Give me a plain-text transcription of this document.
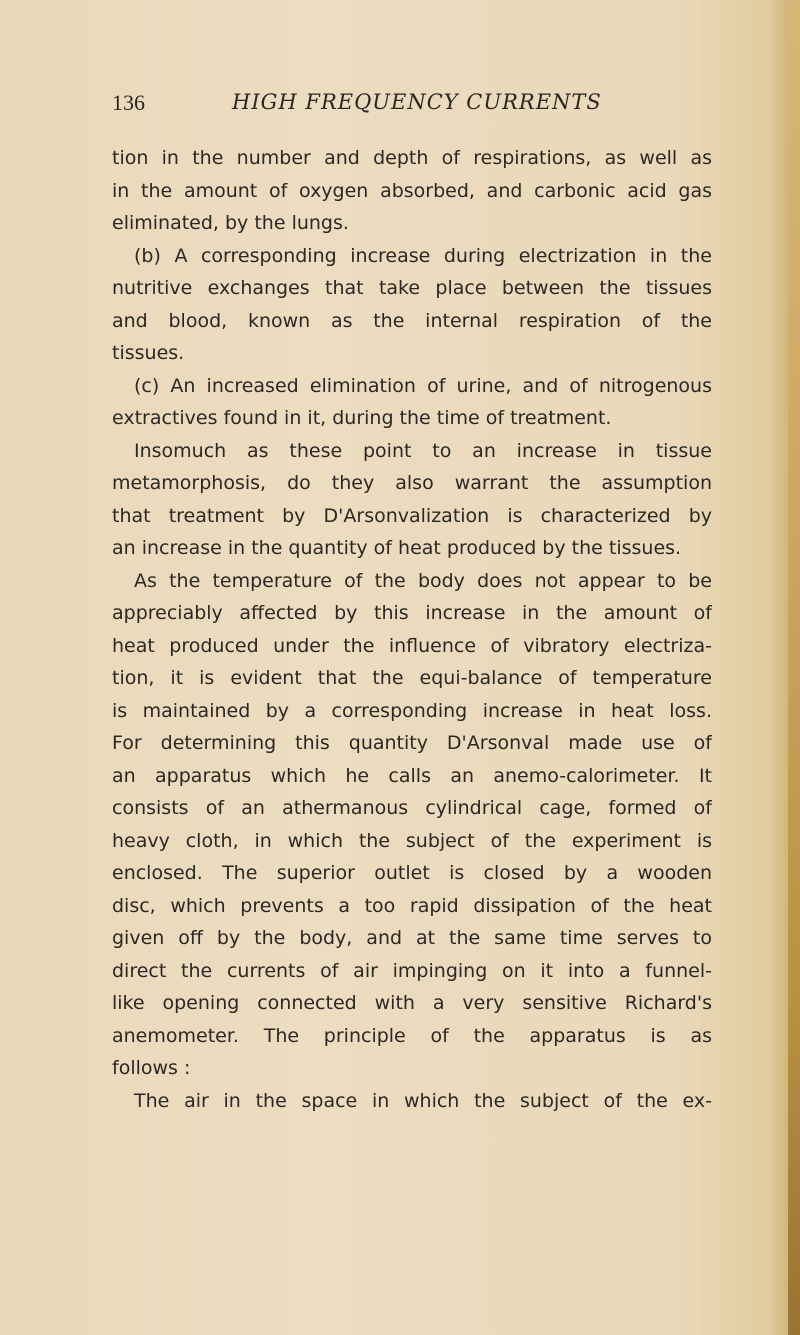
136	HIGH FREQUENCY CURRENTS
tion in the number and depth of respirations, as well as
in the amount of oxygen absorbed, and carbonic acid gas
eliminated, by the lungs.
(b) A corresponding increase during electrization in the
nutritive exchanges that take place between the tissues
and blood, known as the internal respiration of the
tissues.
(c) An increased elimination of urine, and of nitrogenous
extractives found in it, during the time of treatment.
Insomuch as these point to an increase in tissue
metamorphosis, do they also warrant the assumption
that treatment by D'Arsonvalization is characterized by
an increase in the quantity of heat produced by the tissues.
As the temperature of the body does not appear to be
appreciably affected by this increase in the amount of
heat produced under the influence of vibratory electriza-
tion, it is evident that the equi-balance of temperature
is maintained by a corresponding increase in heat loss.
For determining this quantity D'Arsonval made use of
an apparatus which he calls an anemo-calorimeter. It
consists of an athermanous cylindrical cage, formed of
heavy cloth, in which the subject of the experiment is
enclosed. The superior outlet is closed by a wooden
disc, which prevents a too rapid dissipation of the heat
given off by the body, and at the same time serves to
direct the currents of air impinging on it into a funnel-
like opening connected with a very sensitive Richard's
anemometer. The principle of the apparatus is as
follows :
The air in the space in which the subject of the ex-
